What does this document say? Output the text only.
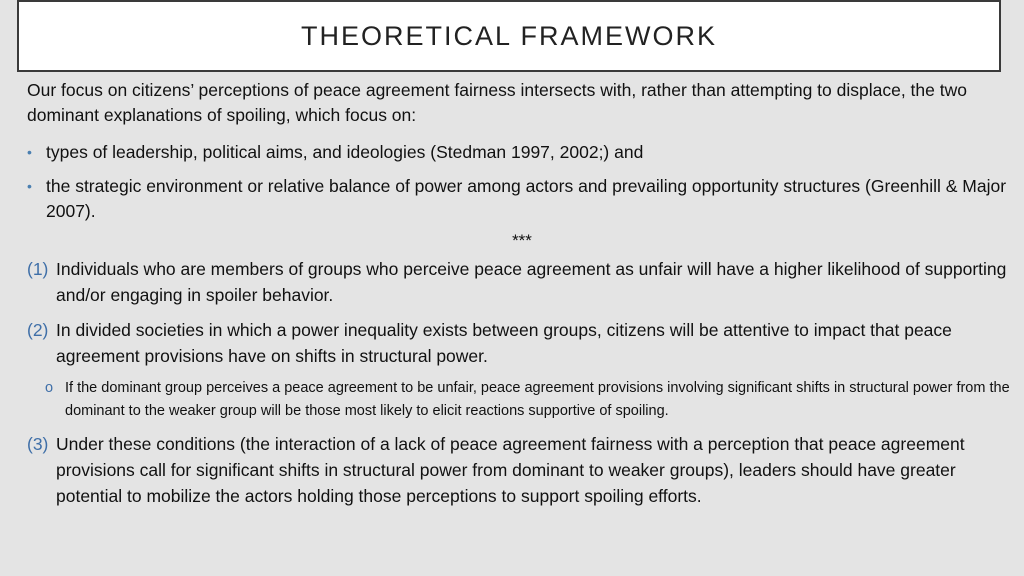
THEORETICAL FRAMEWORK

Our focus on citizens’ perceptions of peace agreement fairness intersects with, rather than attempting to displace, the two dominant explanations of spoiling, which focus on:

• types of leadership, political aims, and ideologies (Stedman 1997, 2002;) and
• the strategic environment or relative balance of power among actors and prevailing opportunity structures (Greenhill & Major 2007).
***
(1) Individuals who are members of groups who perceive peace agreement as unfair will have a higher likelihood of supporting and/or engaging in spoiler behavior.
(2) In divided societies in which a power inequality exists between groups, citizens will be attentive to impact that peace agreement provisions have on shifts in structural power.
o If the dominant group perceives a peace agreement to be unfair, peace agreement provisions involving significant shifts in structural power from the dominant to the weaker group will be those most likely to elicit reactions supportive of spoiling.
(3) Under these conditions (the interaction of a lack of peace agreement fairness with a perception that peace agreement provisions call for significant shifts in structural power from dominant to weaker groups), leaders should have greater potential to mobilize the actors holding those perceptions to support spoiling efforts.
